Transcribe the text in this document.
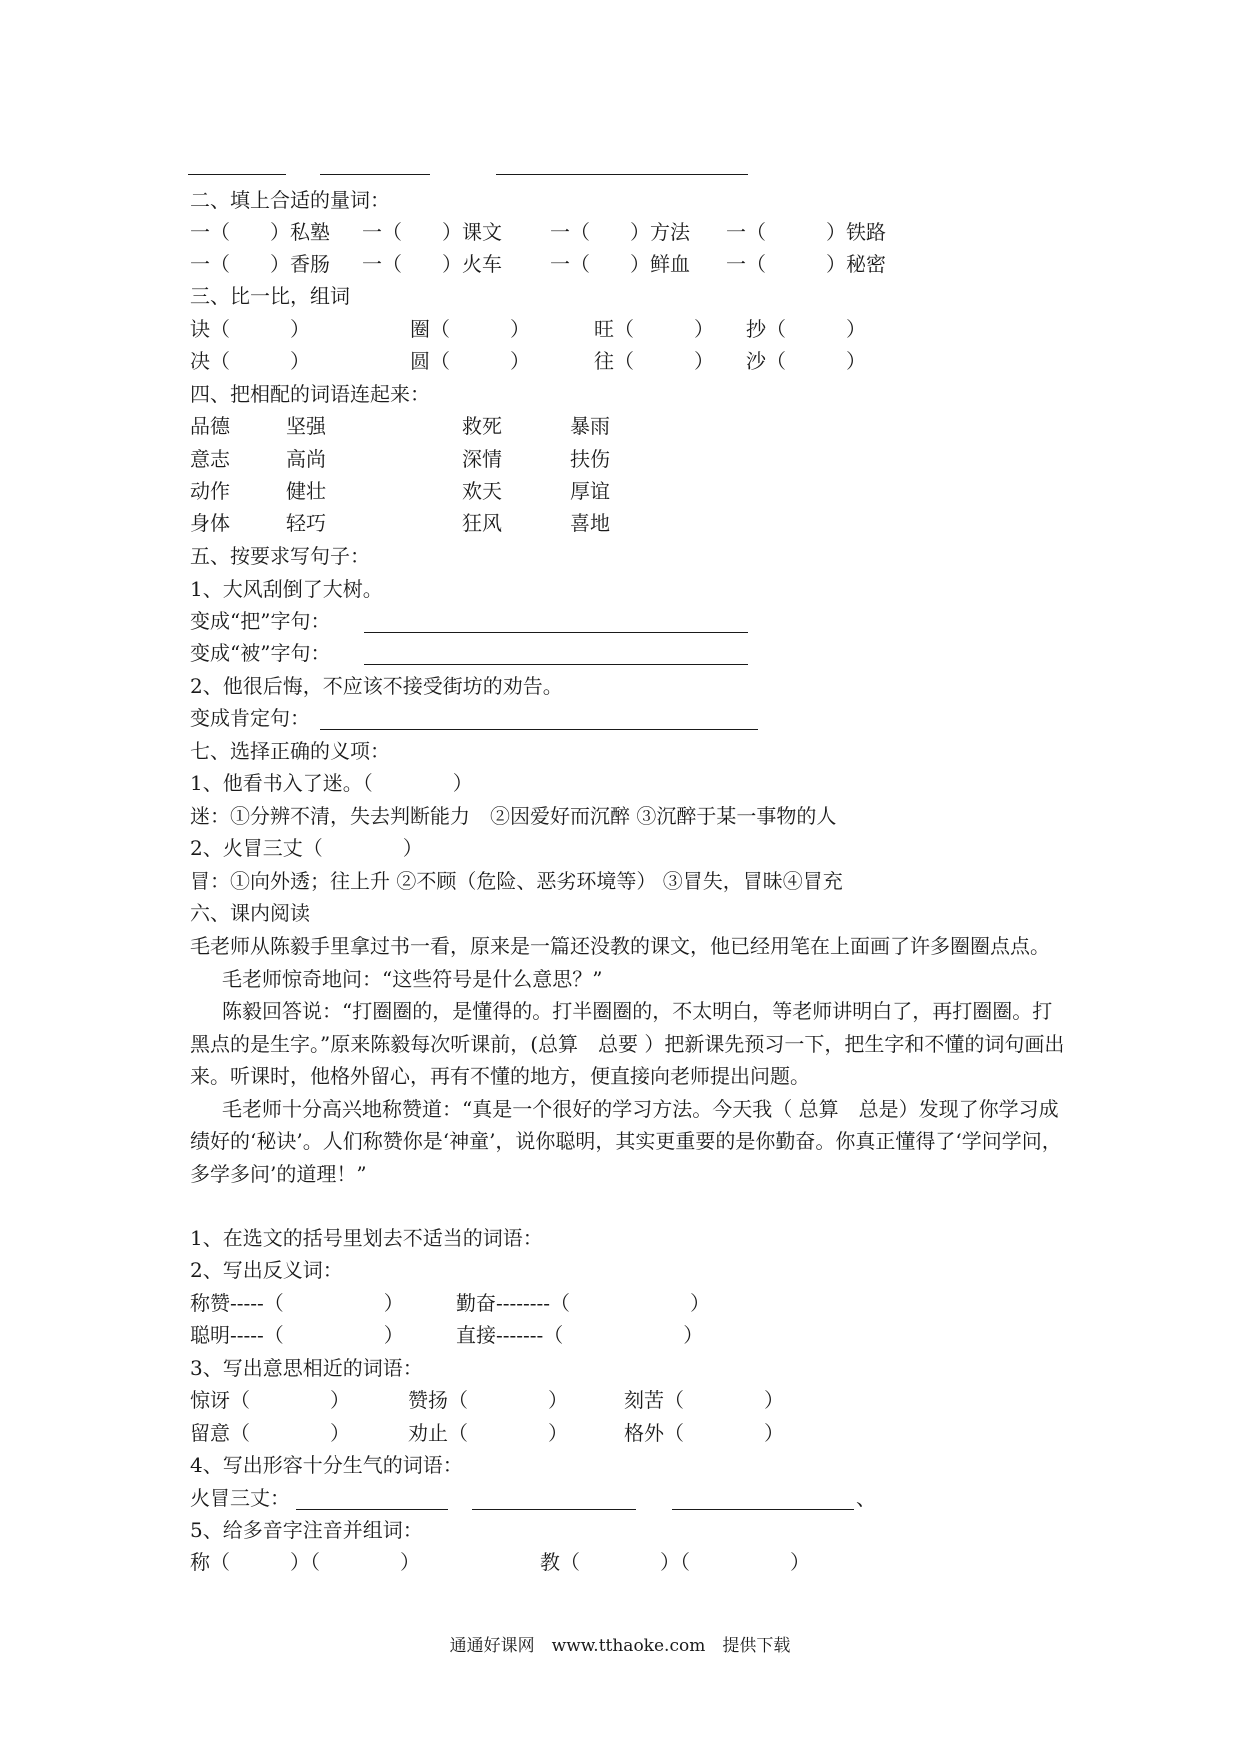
二、填上合适的量词：
一（　　）私塾 一（　　）课文 一（　　）方法 一（　　　）铁路
一（　　）香肠 一（　　）火车 一（　　）鲜血 一（　　　）秘密
三、比一比，组词
诀（　　　）	圈（　　　）	旺（　　　） 抄（　　　）
决（　　　）	圆（　　　）	往（　　　） 沙（　　　）
四、把相配的词语连起来：
品德	坚强	救死	暴雨
意志	高尚	深情	扶伤
动作	健壮	欢天	厚谊
身体	轻巧	狂风	喜地
五、按要求写句子：
1、大风刮倒了大树。
变成“把”字句：
变成“被”字句：
2、他很后悔，不应该不接受街坊的劝告。
变成肯定句：
七、选择正确的义项：
1、他看书入了迷。（　　　　）
迷：①分辨不清，失去判断能力　②因爱好而沉醉 ③沉醉于某一事物的人
2、火冒三丈（　　　　）
冒：①向外透；往上升 ②不顾（危险、恶劣环境等） ③冒失，冒昧④冒充
六、课内阅读

毛老师从陈毅手里拿过书一看，原来是一篇还没教的课文，他已经用笔在上面画了许多圈圈点点。

毛老师惊奇地问：“这些符号是什么意思？”

陈毅回答说：“打圈圈的，是懂得的。打半圈圈的，不太明白，等老师讲明白了，再打圈圈。打黑点的是生字。”原来陈毅每次听课前，(总算　总要 ）把新课先预习一下，把生字和不懂的词句画出来。听课时，他格外留心，再有不懂的地方，便直接向老师提出问题。

毛老师十分高兴地称赞道：“真是一个很好的学习方法。今天我（ 总算　总是）发现了你学习成绩好的‘秘诀’。人们称赞你是‘神童’，说你聪明，其实更重要的是你勤奋。你真正懂得了‘学问学问，多学多问’的道理！”

1、在选文的括号里划去不适当的词语：
2、写出反义词：
称赞-----（　　　　　）	勤奋--------（　　　　　　）
聪明-----（　　　　　）	直接-------（　　　　　　）
3、写出意思相近的词语：
惊讶（　　　　）	赞扬（　　　　）	刻苦（　　　　）
留意（　　　　）	劝止（　　　　）	格外（　　　　）
4、写出形容十分生气的词语：
火冒三丈：	、
5、给多音字注音并组词：
称（　　　）（　　　　）	教（　　　　）（　　　　　）
通通好课网　www.tthaoke.com　提供下载
